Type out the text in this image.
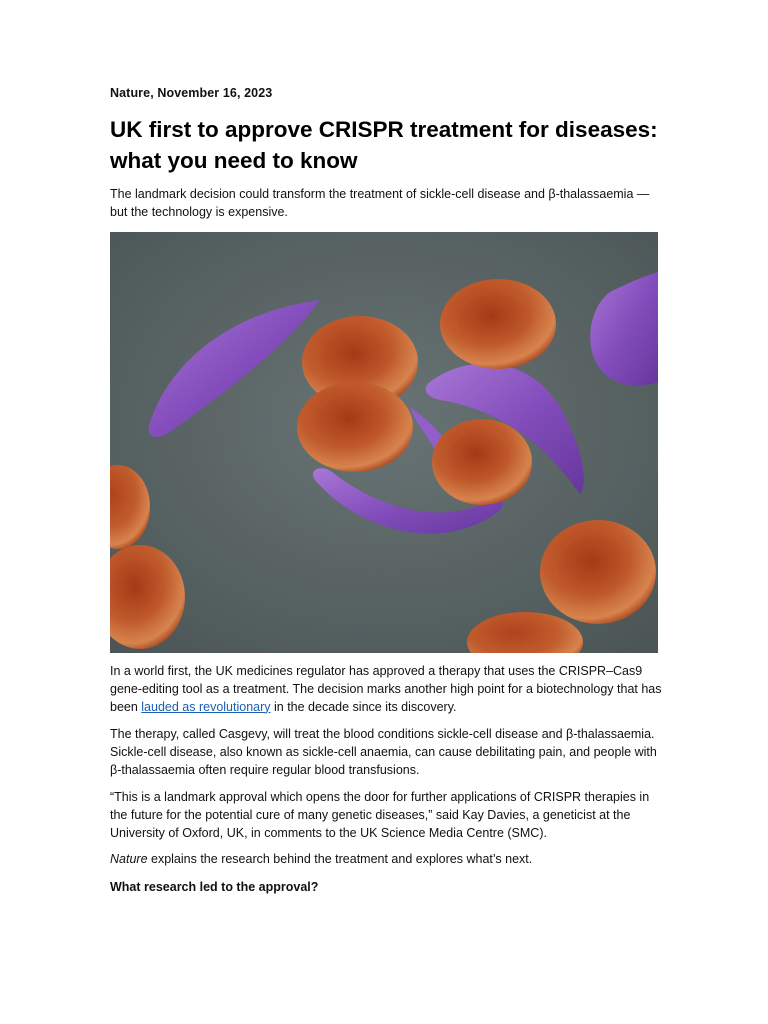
Nature, November 16, 2023
UK first to approve CRISPR treatment for diseases: what you need to know

The landmark decision could transform the treatment of sickle-cell disease and β-thalassaemia — but the technology is expensive.

In a world first, the UK medicines regulator has approved a therapy that uses the CRISPR–Cas9 gene-editing tool as a treatment. The decision marks another high point for a biotechnology that has been lauded as revolutionary in the decade since its discovery.

The therapy, called Casgevy, will treat the blood conditions sickle-cell disease and β-thalassaemia. Sickle-cell disease, also known as sickle-cell anaemia, can cause debilitating pain, and people with β-thalassaemia often require regular blood transfusions.

“This is a landmark approval which opens the door for further applications of CRISPR therapies in the future for the potential cure of many genetic diseases,” said Kay Davies, a geneticist at the University of Oxford, UK, in comments to the UK Science Media Centre (SMC).

Nature explains the research behind the treatment and explores what’s next.

What research led to the approval?
